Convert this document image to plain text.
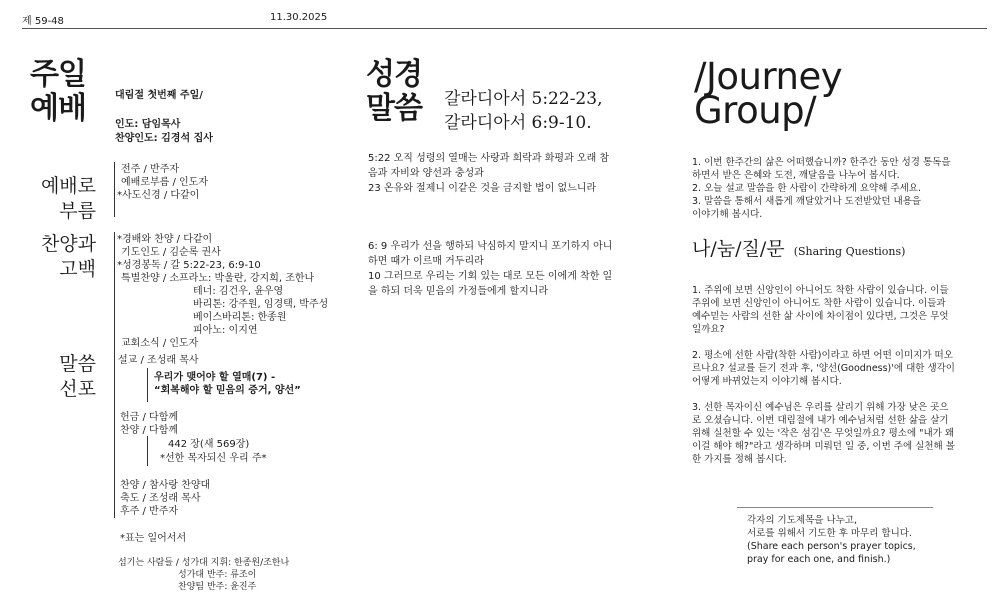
제 59-48	11.30.2025
주일
예배	대림절 첫번째 주일/
인도: 담임목사
찬양인도: 김경석 집사
예배로
부름
전주 / 반주자
예배로부름 / 인도자
*사도신경 / 다같이
찬양과
고백
*경배와 찬양 / 다같이
기도인도 / 김순록 권사
*성경봉독 / 갈 5:22-23, 6:9-10
특별찬양 / 소프라노: 박울란, 강지희, 조한나
테너: 김건우, 윤우영
바리톤: 강주원, 임경택, 박주성
베이스바리톤: 한종원
피아노: 이지연
교회소식 / 인도자
말씀
선포
설교 / 조성래 목사
우리가 맺어야 할 열매(7) -
“회복해야 할 믿음의 증거, 양선”
헌금 / 다함께
찬양 / 다함께
442 장(새 569장)
*선한 목자되신 우리 주*
찬양 / 참사랑 찬양대
축도 / 조성래 목사
후주 / 반주자
*표는 일어서서
섬기는 사람들 / 성가대 지휘: 한종원/조한나
성가대 반주: 류조이
찬양팀 반주: 윤진주
성경
말씀 갈라디아서 5:22-23,
갈라디아서 6:9-10.
5:22 오직 성령의 열매는 사랑과 희락과 화평과 오래 참
음과 자비와 양선과 충성과
23 온유와 절제니 이같은 것을 금지할 법이 없느니라
6: 9 우리가 선을 행하되 낙심하지 말지니 포기하지 아니
하면 때가 이르매 거두리라
10 그러므로 우리는 기회 있는 대로 모든 이에게 착한 일
을 하되 더욱 믿음의 가정들에게 할지니라
/Journey
Group/
1. 이번 한주간의 삶은 어떠했습니까? 한주간 동안 성경 통독을
하면서 받은 은혜와 도전, 깨달음을 나누어 봅시다.
2. 오늘 설교 말씀을 한 사람이 간략하게 요약해 주세요.
3. 말씀을 통해서 새롭게 깨달았거나 도전받았던 내용을
이야기해 봅시다.
나/눔/질/문 (Sharing Questions)
1. 주위에 보면 신앙인이 아니어도 착한 사람이 있습니다. 이들
주위에 보면 신앙인이 아니어도 착한 사람이 있습니다. 이들과
예수믿는 사람의 선한 삶 사이에 차이점이 있다면, 그것은 무엇
일까요?
2. 평소에 선한 사람(착한 사람)이라고 하면 어떤 이미지가 떠오
르나요? 설교를 듣기 전과 후, '양선(Goodness)'에 대한 생각이
어떻게 바뀌었는지 이야기해 봅시다.
3. 선한 목자이신 예수님은 우리를 살리기 위해 가장 낮은 곳으
로 오셨습니다. 이번 대림절에 내가 예수님처럼 선한 삶을 살기
위해 실천할 수 있는 '작은 섬김'은 무엇일까요? 평소에 "내가 왜
이걸 해야 해?"라고 생각하며 미뤄던 일 중, 이번 주에 실천해 볼
한 가지를 정해 봅시다.
각자의 기도제목을 나누고,
서로를 위해서 기도한 후 마무리 합니다.
(Share each person's prayer topics,
pray for each one, and finish.)
